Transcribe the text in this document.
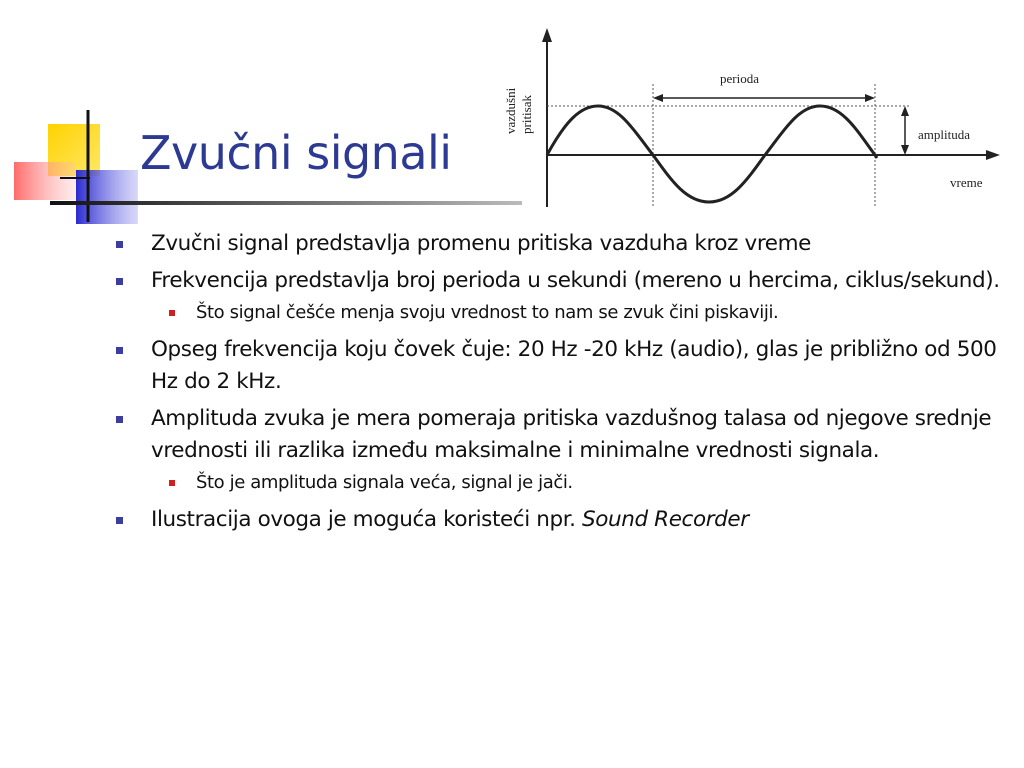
Zvučni signali
perioda
amplituda
vreme
vazdušni pritisak
Zvučni signal predstavlja promenu pritiska vazduha kroz vreme
Frekvencija predstavlja broj perioda u sekundi (mereno u hercima, ciklus/sekund).
Što signal češće menja svoju vrednost to nam se zvuk čini piskaviji.
Opseg frekvencija koju čovek čuje: 20 Hz -20 kHz (audio), glas je približno od 500 Hz do 2 kHz.
Amplituda zvuka je mera pomeraja pritiska vazdušnog talasa od njegove srednje vrednosti ili razlika između maksimalne i minimalne vrednosti signala.
Što je amplituda signala veća, signal je jači.
Ilustracija ovoga je moguća koristeći npr. Sound Recorder
